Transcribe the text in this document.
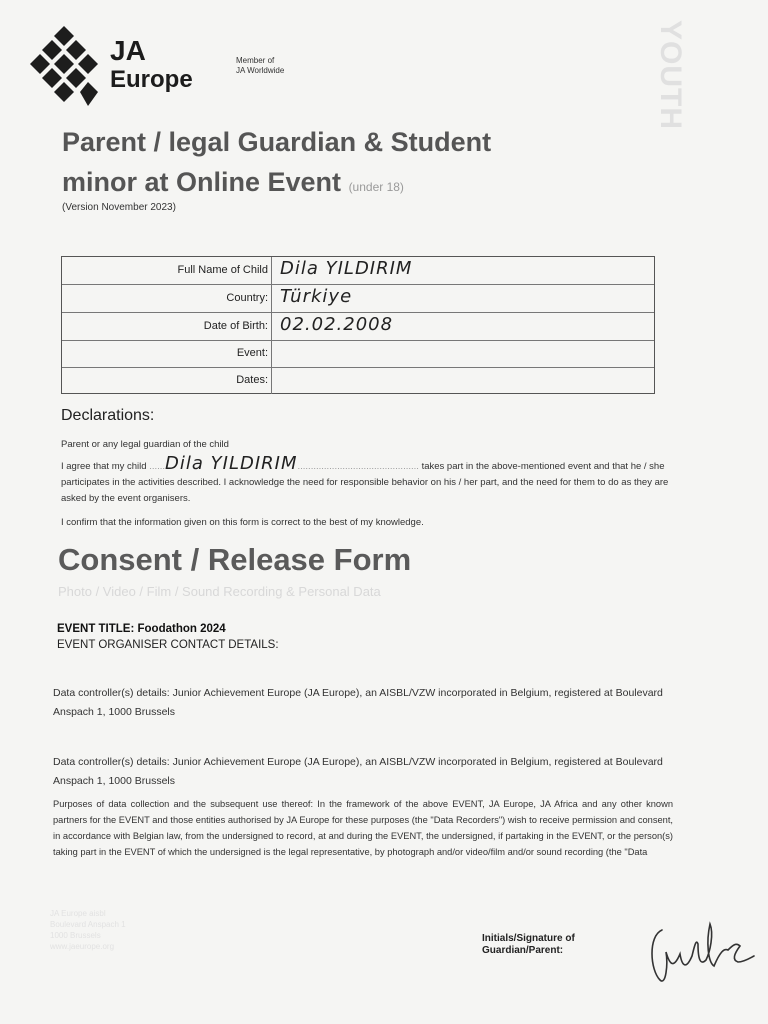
JA
Europe
Member of
JA Worldwide	YOUTH
Parent / legal Guardian & Student
minor at Online Event (under 18)
(Version November 2023)
Full Name of Child Dila YILDIRIM
Country: Türkiye
Date of Birth: 02.02.2008
Event:
Dates:
Declarations:
Parent or any legal guardian of the child
I agree that my child ......Dila YILDIRIM.............................................. takes part in the above-mentioned event and that he / she participates in the activities described. I acknowledge the need for responsible behavior on his / her part, and the need for them to do as they are asked by the event organisers.
I confirm that the information given on this form is correct to the best of my knowledge.
Consent / Release Form
Photo / Video / Film / Sound Recording & Personal Data
EVENT TITLE: Foodathon 2024
EVENT ORGANISER CONTACT DETAILS:
Data controller(s) details: Junior Achievement Europe (JA Europe), an AISBL/VZW incorporated in Belgium, registered at Boulevard Anspach 1, 1000 Brussels
Data controller(s) details: Junior Achievement Europe (JA Europe), an AISBL/VZW incorporated in Belgium, registered at Boulevard Anspach 1, 1000 Brussels
Purposes of data collection and the subsequent use thereof: In the framework of the above EVENT, JA Europe, JA Africa and any other known partners for the EVENT and those entities authorised by JA Europe for these purposes (the "Data Recorders") wish to receive permission and consent, in accordance with Belgian law, from the undersigned to record, at and during the EVENT, the undersigned, if partaking in the EVENT, or the person(s) taking part in the EVENT of which the undersigned is the legal representative, by photograph and/or video/film and/or sound recording (the "Data
JA Europe aisbl
Boulevard Anspach 1
1000 Brussels
www.jaeurope.org
Initials/Signature of
Guardian/Parent:
